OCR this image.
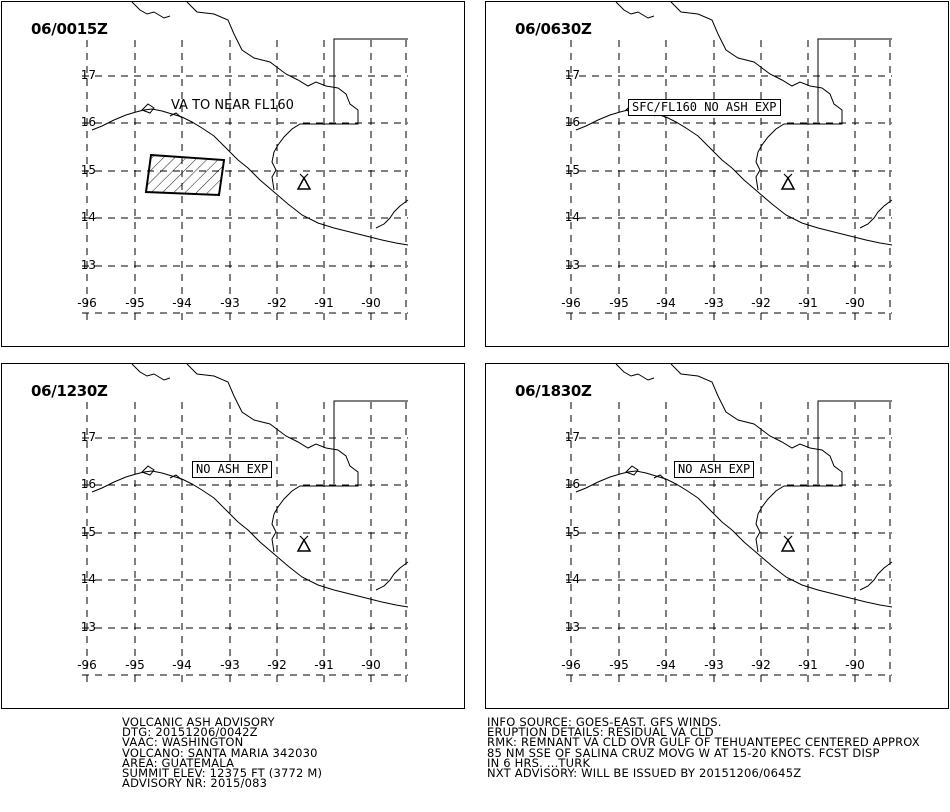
06/0015Z
VA TO NEAR FL160
17
16
15
14
13
-96 -95 -94 -93 -92 -91 -90
06/0630Z
SFC/FL160 NO ASH EXP
17
16
15
14
13
-96 -95 -94 -93 -92 -91 -90
06/1230Z
NO ASH EXP
17
16
15
14
13
-96 -95 -94 -93 -92 -91 -90
06/1830Z
NO ASH EXP
17
16
15
14
13
-96 -95 -94 -93 -92 -91 -90
VOLCANIC ASH ADVISORY
DTG: 20151206/0042Z
VAAC: WASHINGTON
VOLCANO: SANTA MARIA 342030
AREA: GUATEMALA
SUMMIT ELEV: 12375 FT (3772 M)
ADVISORY NR: 2015/083
INFO SOURCE: GOES-EAST. GFS WINDS.
ERUPTION DETAILS: RESIDUAL VA CLD
RMK: REMNANT VA CLD OVR GULF OF TEHUANTEPEC CENTERED APPROX
85 NM SSE OF SALINA CRUZ MOVG W AT 15-20 KNOTS. FCST DISP
IN 6 HRS. ...TURK
NXT ADVISORY: WILL BE ISSUED BY 20151206/0645Z
